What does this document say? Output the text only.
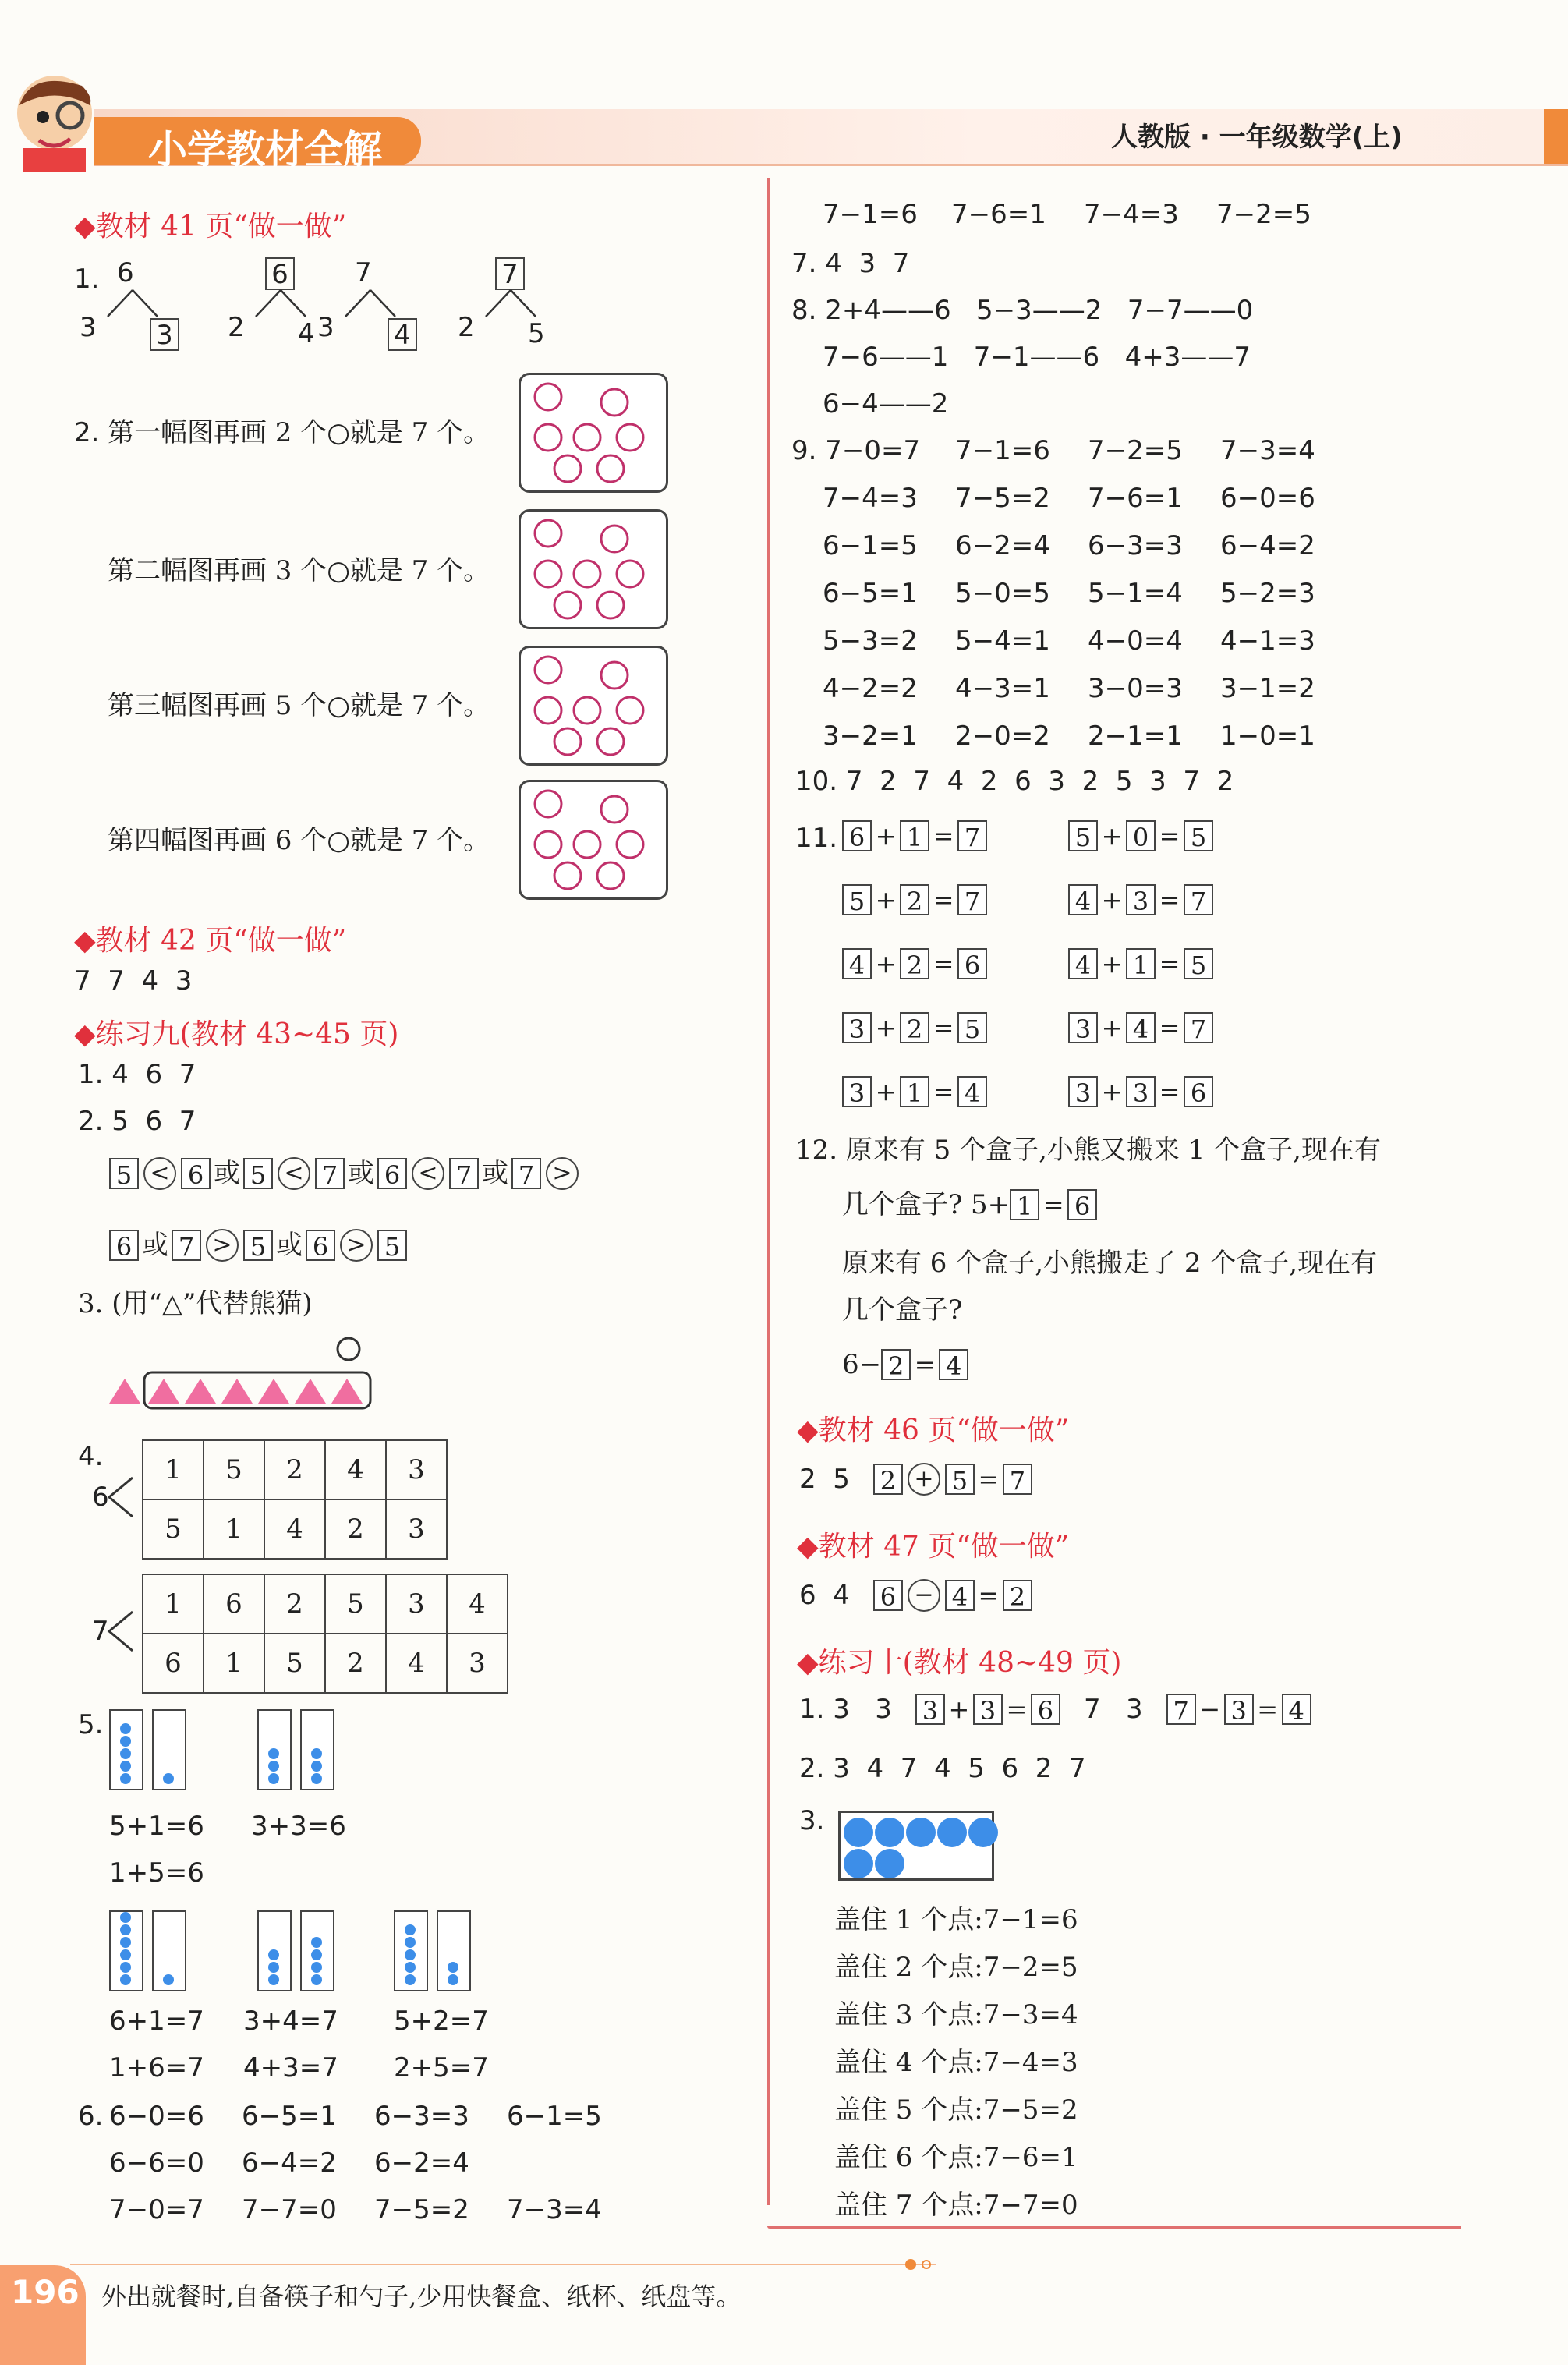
小学教材全解	人教版 · 一年级数学(上)
◆教材 41 页“做一做”
1.
2. 第一幅图再画 2 个○就是 7 个。
第二幅图再画 3 个○就是 7 个。
第三幅图再画 5 个○就是 7 个。
第四幅图再画 6 个○就是 7 个。
◆教材 42 页“做一做”
7  7  4  3
◆练习九(教材 43~45 页)
1. 4  6  7
2. 5  6  7
5 < 6 或 5 < 7 或 6 < 7 或 7 >
6 或 7 > 5 或 6 > 5
3. (用“△”代替熊猫)
4.
6
1	5	2	4	3
5	1	4	2	3
7
1	6	2	5	3	4
6	1	5	2	4	3
5.
5+1=6 3+3=6
1+5=6
6+1=7 3+4=7 5+2=7
1+6=7 4+3=7 2+5=7
6.
7. 4  3  7
8. 2+4——6   5−3——2   7−7——0
7−6——1   7−1——6   4+3——7
6−4——2
10. 7  2  7  4  2  6  3  2  5  3  7  2
11.
12. 原来有 5 个盒子,小熊又搬来 1 个盒子,现在有
几个盒子? 5+ 1 = 6
原来有 6 个盒子,小熊搬走了 2 个盒子,现在有
几个盒子?
6− 2 = 4
◆教材 46 页“做一做”
2  5 2 + 5 = 7
◆教材 47 页“做一做”
6  4 6 − 4 = 2
◆练习十(教材 48~49 页)
1. 3   3 3 + 3 = 6 7   3 7 − 3 = 4
2. 3  4  7  4  5  6  2  7
3.
196 外出就餐时,自备筷子和勺子,少用快餐盒、纸杯、纸盘等。
6
3 3
6
2 4
7
3 4
7
2 5
6−0=6 6−5=1 6−3=3 6−1=5
6−6=0 6−4=2 6−2=4
7−0=7 7−7=0 7−5=2 7−3=4
7−1=6 7−6=1 7−4=3 7−2=5
9. 7−0=7 7−1=6 7−2=5 7−3=4
7−4=3 7−5=2 7−6=1 6−0=6
6−1=5 6−2=4 6−3=3 6−4=2
6−5=1 5−0=5 5−1=4 5−2=3
5−3=2 5−4=1 4−0=4 4−1=3
4−2=2 4−3=1 3−0=3 3−1=2
3−2=1 2−0=2 2−1=1 1−0=1
6 + 1 = 7	5 + 0 = 5
5 + 2 = 7	4 + 3 = 7
4 + 2 = 6	4 + 1 = 5
3 + 2 = 5	3 + 4 = 7
3 + 1 = 4	3 + 3 = 6
盖住 1 个点:7−1=6
盖住 2 个点:7−2=5
盖住 3 个点:7−3=4
盖住 4 个点:7−4=3
盖住 5 个点:7−5=2
盖住 6 个点:7−6=1
盖住 7 个点:7−7=0
